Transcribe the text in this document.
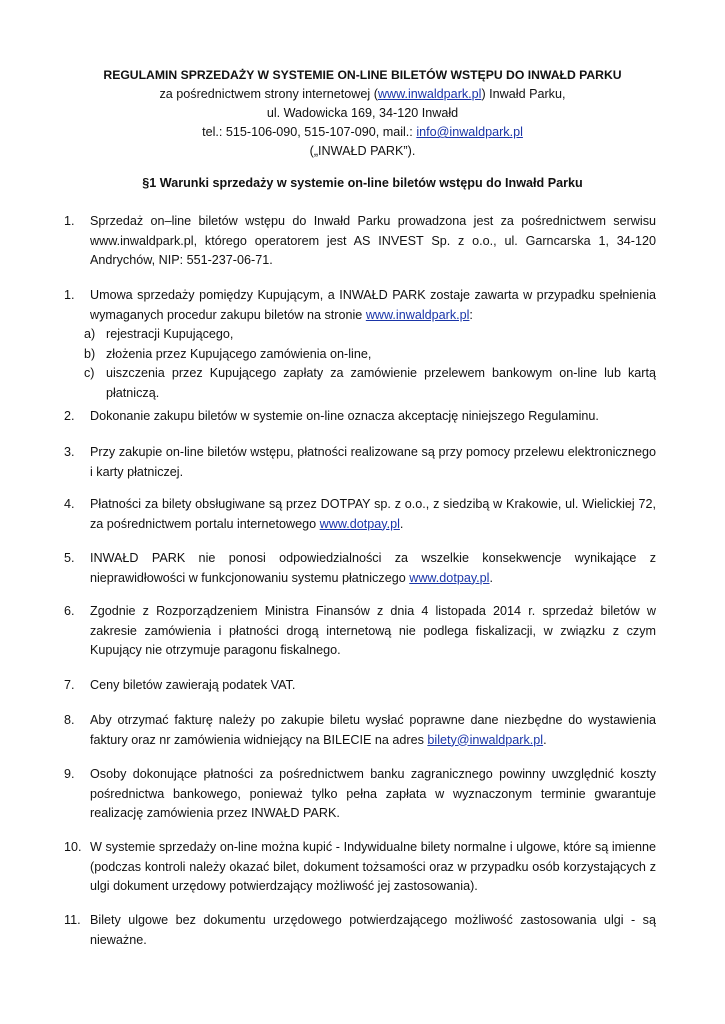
REGULAMIN SPRZEDAŻY W SYSTEMIE ON-LINE BILETÓW WSTĘPU DO INWAŁD PARKU
za pośrednictwem strony internetowej (www.inwaldpark.pl) Inwałd Parku,
ul. Wadowicka 169, 34-120 Inwałd
tel.: 515-106-090, 515-107-090, mail.: info@inwaldpark.pl
(„INWAŁD PARK”).
§1 Warunki sprzedaży w systemie on-line biletów wstępu do Inwałd Parku
1.	Sprzedaż on–line biletów wstępu do Inwałd Parku prowadzona jest za pośrednictwem serwisu www.inwaldpark.pl, którego operatorem jest AS INVEST Sp. z o.o., ul. Garncarska 1, 34-120 Andrychów, NIP: 551-237-06-71.
1.	Umowa sprzedaży pomiędzy Kupującym, a INWAŁD PARK zostaje zawarta w przypadku spełnienia wymaganych procedur zakupu biletów na stronie www.inwaldpark.pl:
a) rejestracji Kupującego,
b) złożenia przez Kupującego zamówienia on-line,
c) uiszczenia przez Kupującego zapłaty za zamówienie przelewem bankowym on-line lub kartą płatniczą.
2.	Dokonanie zakupu biletów w systemie on-line oznacza akceptację niniejszego Regulaminu.
3.	Przy zakupie on-line biletów wstępu, płatności realizowane są przy pomocy przelewu elektronicznego i karty płatniczej.
4.	Płatności za bilety obsługiwane są przez DOTPAY sp. z o.o., z siedzibą w Krakowie, ul. Wielickiej 72, za pośrednictwem portalu internetowego www.dotpay.pl.
5.	INWAŁD PARK nie ponosi odpowiedzialności za wszelkie konsekwencje wynikające z nieprawidłowości w funkcjonowaniu systemu płatniczego www.dotpay.pl.
6.	Zgodnie z Rozporządzeniem Ministra Finansów z dnia 4 listopada 2014 r. sprzedaż biletów w zakresie zamówienia i płatności drogą internetową nie podlega fiskalizacji, w związku z czym Kupujący nie otrzymuje paragonu fiskalnego.
7.	Ceny biletów zawierają podatek VAT.
8.	Aby otrzymać fakturę należy po zakupie biletu wysłać poprawne dane niezbędne do wystawienia faktury oraz nr zamówienia widniejący na BILECIE na adres bilety@inwaldpark.pl.
9.	Osoby dokonujące płatności za pośrednictwem banku zagranicznego powinny uwzględnić koszty pośrednictwa bankowego, ponieważ tylko pełna zapłata w wyznaczonym terminie gwarantuje realizację zamówienia przez INWAŁD PARK.
10. W systemie sprzedaży on-line można kupić - Indywidualne bilety normalne i ulgowe, które są imienne (podczas kontroli należy okazać bilet, dokument tożsamości oraz w przypadku osób korzystających z ulgi dokument urzędowy potwierdzający możliwość jej zastosowania).
11. Bilety ulgowe bez dokumentu urzędowego potwierdzającego możliwość zastosowania ulgi - są nieważne.
